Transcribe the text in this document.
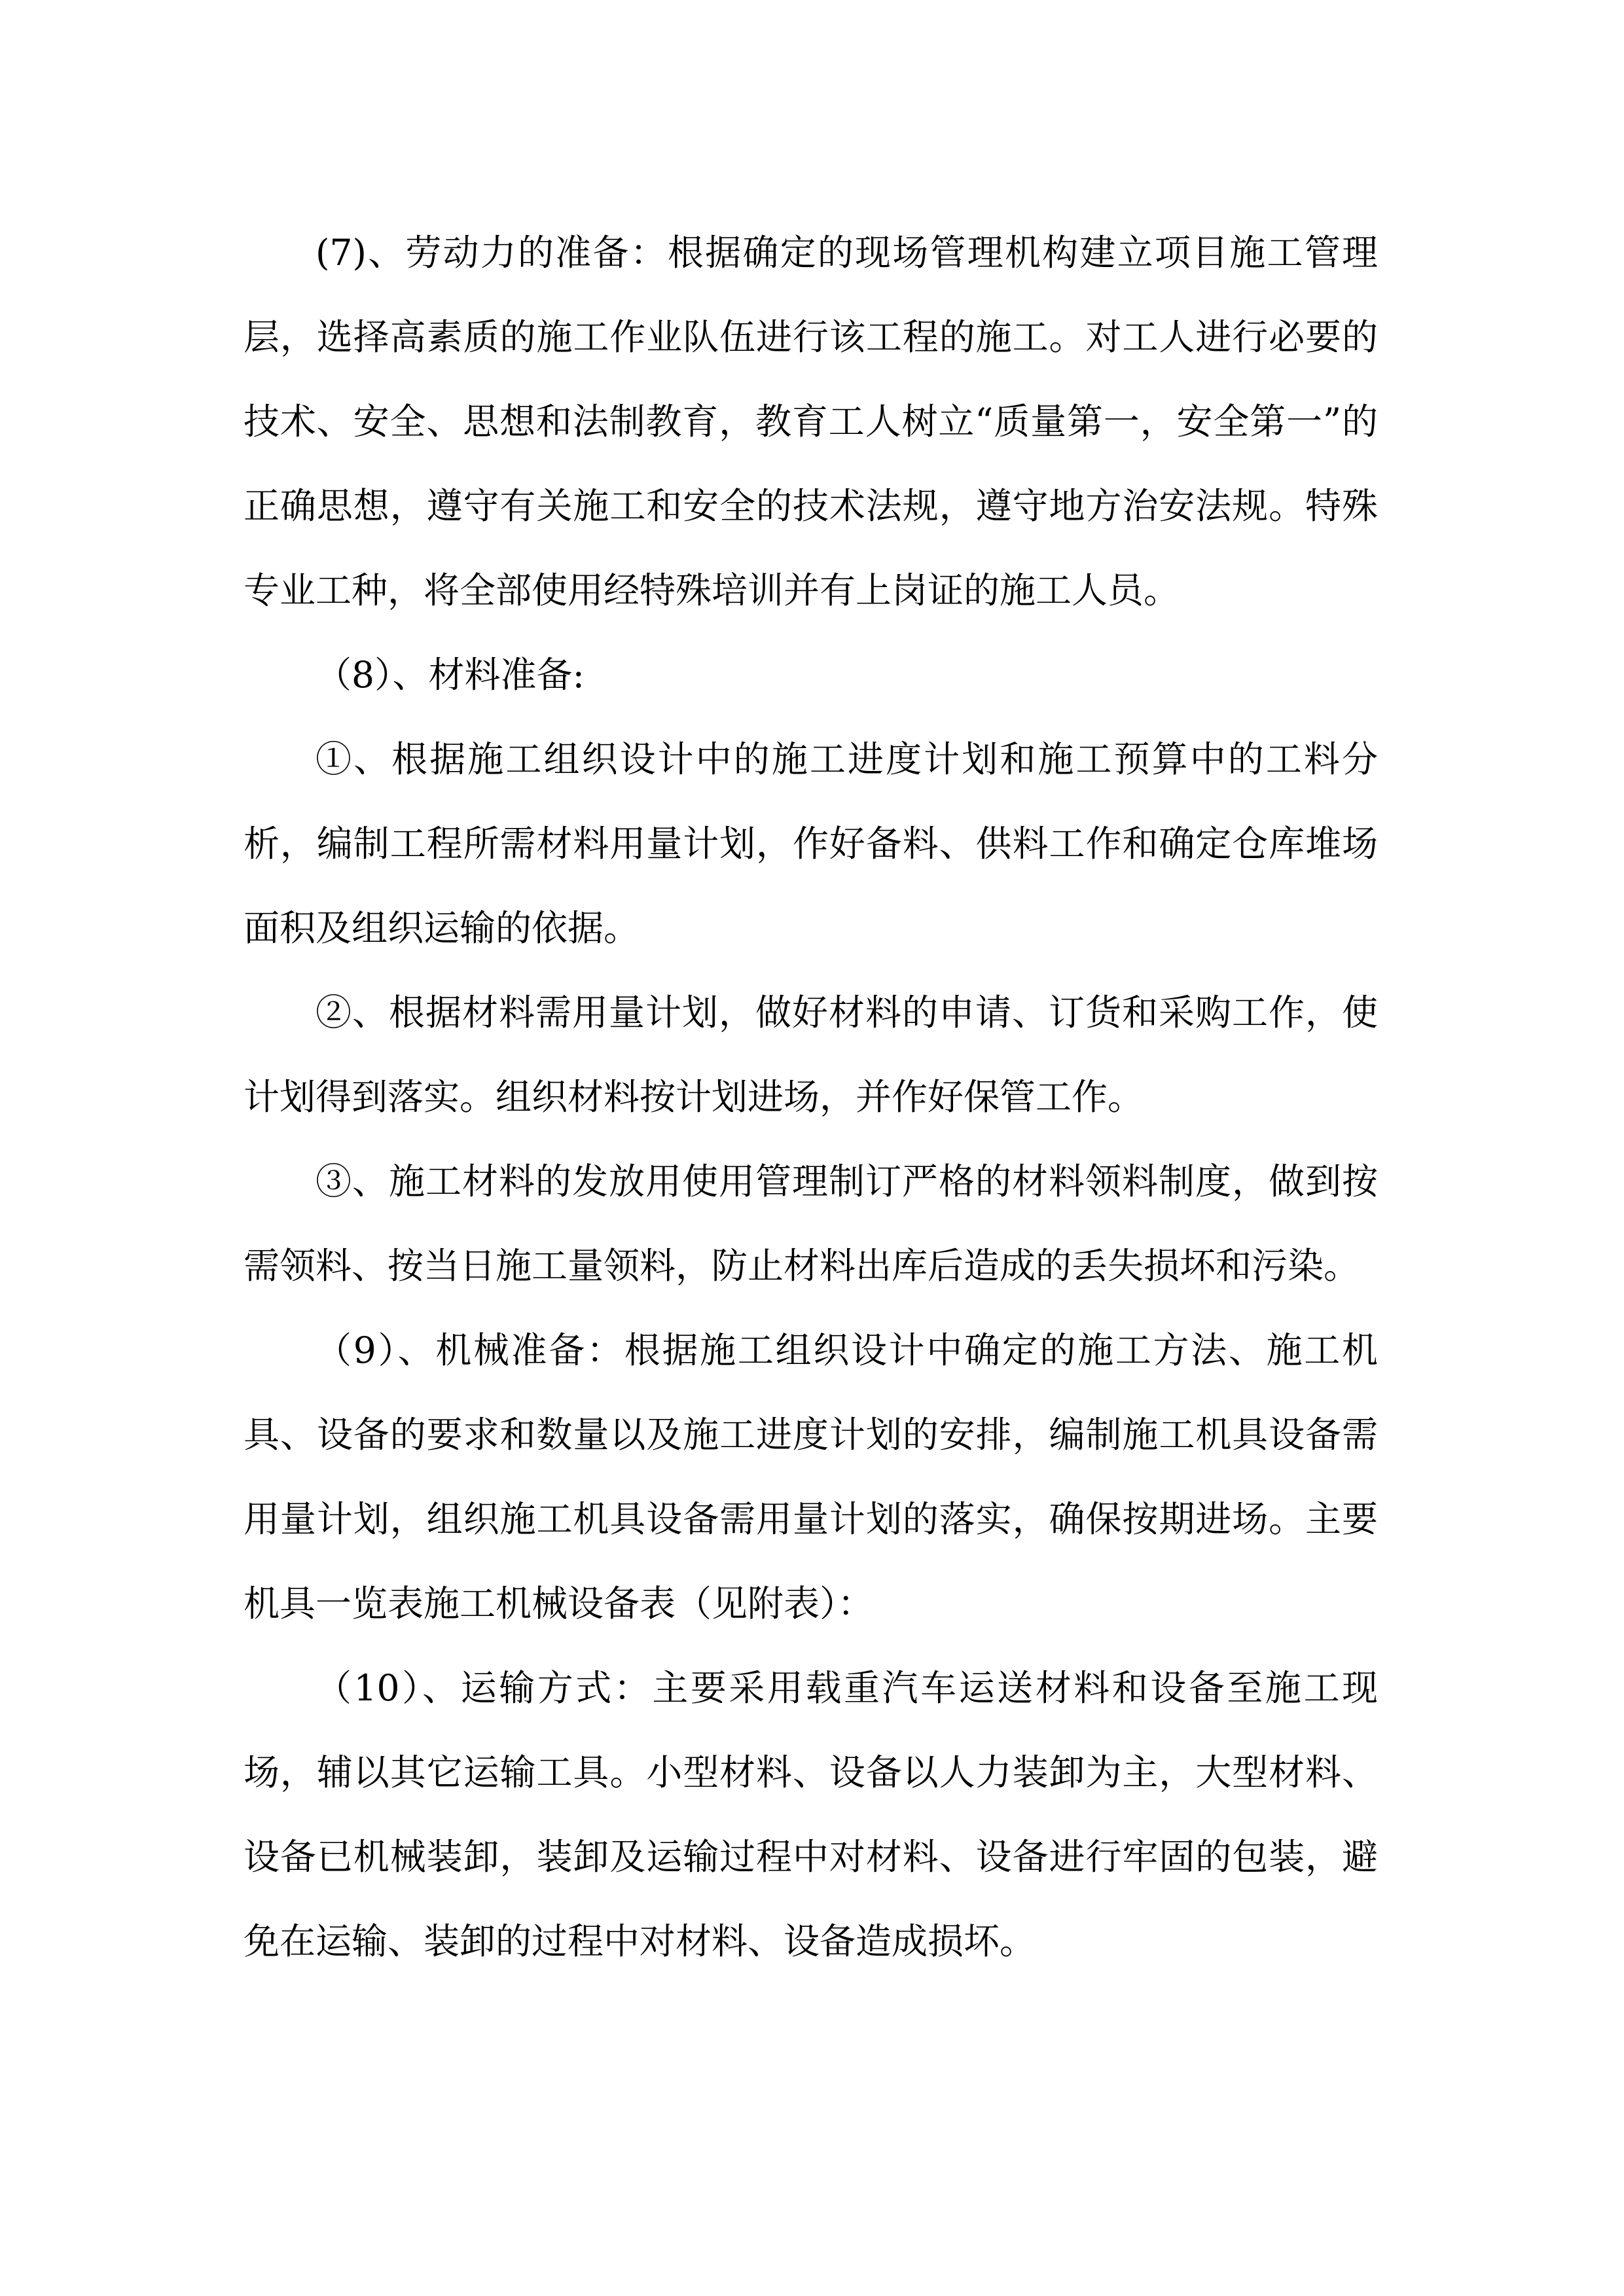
(7)、劳动力的准备：根据确定的现场管理机构建立项目施工管理层，选择高素质的施工作业队伍进行该工程的施工。对工人进行必要的技术、安全、思想和法制教育，教育工人树立“质量第一，安全第一”的正确思想，遵守有关施工和安全的技术法规，遵守地方治安法规。特殊专业工种，将全部使用经特殊培训并有上岗证的施工人员。

（8）、材料准备:

①、根据施工组织设计中的施工进度计划和施工预算中的工料分析，编制工程所需材料用量计划，作好备料、供料工作和确定仓库堆场面积及组织运输的依据。

②、根据材料需用量计划，做好材料的申请、订货和采购工作，使计划得到落实。组织材料按计划进场，并作好保管工作。

③、施工材料的发放用使用管理制订严格的材料领料制度，做到按需领料、按当日施工量领料，防止材料出库后造成的丢失损坏和污染。

（9）、机械准备：根据施工组织设计中确定的施工方法、施工机具、设备的要求和数量以及施工进度计划的安排，编制施工机具设备需用量计划，组织施工机具设备需用量计划的落实，确保按期进场。主要机具一览表施工机械设备表（见附表）：

（10）、运输方式：主要采用载重汽车运送材料和设备至施工现场，辅以其它运输工具。小型材料、设备以人力装卸为主，大型材料、设备已机械装卸，装卸及运输过程中对材料、设备进行牢固的包装，避免在运输、装卸的过程中对材料、设备造成损坏。
